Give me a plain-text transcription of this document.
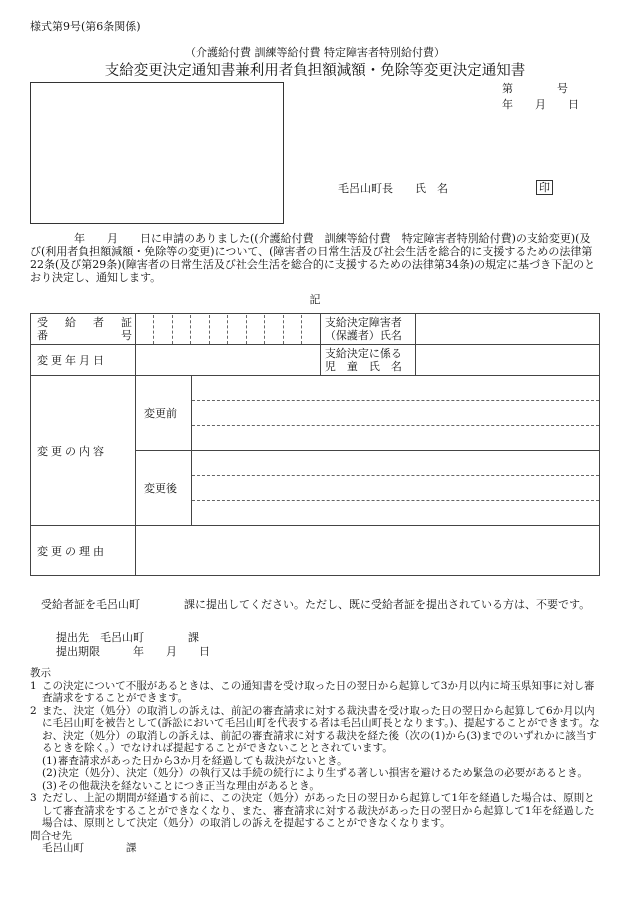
様式第9号(第6条関係)
（介護給付費 訓練等給付費 特定障害者特別給付費）
支給変更決定通知書兼利用者負担額減額・免除等変更決定通知書
第　　　　号
年　　月　　日
毛呂山町長　　氏　名	印
　　　　年　　月　　日に申請のありました((介護給付費　訓練等給付費　特定障害者特別給付費)の支給変更)(及び(利用者負担額減額・免除等の変更)について、(障害者の日常生活及び社会生活を総合的に支援するための法律第22条(及び第29条)(障害者の日常生活及び社会生活を総合的に支援するための法律第34条)の規定に基づき下記のとおり決定し、通知します。
記
受　給　者　証
番　　　　　号			支給決定障害者
（保護者）氏名	
変更年月日			支給決定に係る
児　童　氏　名	
変更の内容	変更前			

	変更後			

変更の理由				
　受給者証を毛呂山町　　　　課に提出してください。ただし、既に受給者証を提出されている方は、不要です。
提出先　毛呂山町　　　　課
提出期限　　　年　　月　　日
教示
1 この決定について不服があるときは、この通知書を受け取った日の翌日から起算して3か月以内に埼玉県知事に対し審査請求をすることができます。
2 また、決定（処分）の取消しの訴えは、前記の審査請求に対する裁決書を受け取った日の翌日から起算して6か月以内に毛呂山町を被告として(訴訟において毛呂山町を代表する者は毛呂山町長となります。)、提起することができます。なお、決定（処分）の取消しの訴えは、前記の審査請求に対する裁決を経た後（次の(1)から(3)までのいずれかに該当するときを除く。）でなければ提起することができないこととされています。
(1) 審査請求があった日から3か月を経過しても裁決がないとき。
(2) 決定（処分）、決定（処分）の執行又は手続の続行により生ずる著しい損害を避けるため緊急の必要があるとき。
(3) その他裁決を経ないことにつき正当な理由があるとき。
3 ただし、上記の期間が経過する前に、この決定（処分）があった日の翌日から起算して1年を経過した場合は、原則として審査請求をすることができなくなり、また、審査請求に対する裁決があった日の翌日から起算して1年を経過した場合は、原則として決定（処分）の取消しの訴えを提起することができなくなります。
問合せ先
毛呂山町　　　　課
